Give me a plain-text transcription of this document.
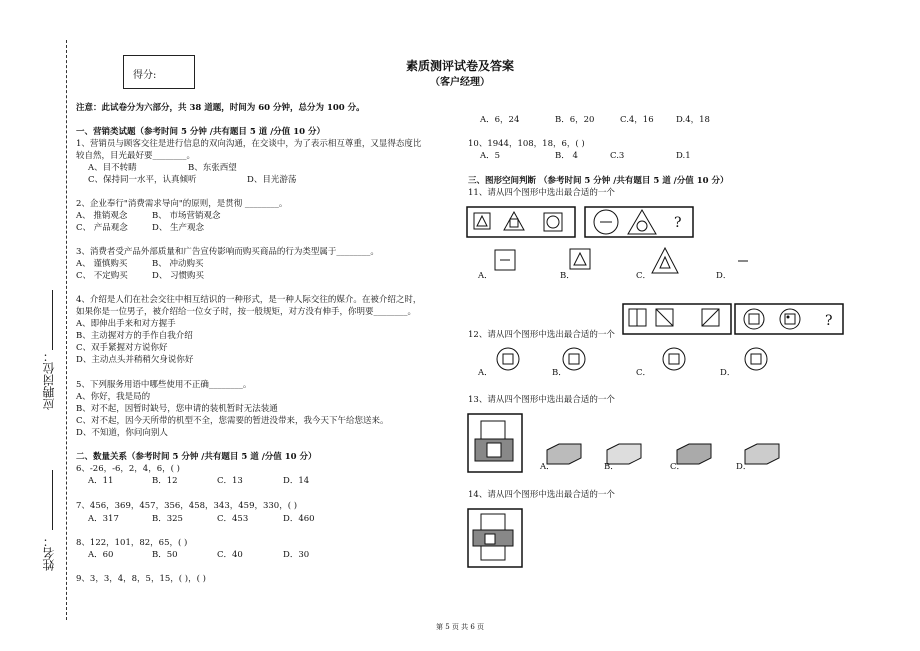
应聘岗位：
姓名：
得分:
素质测评试卷及答案
（客户经理）
注意：此试卷分为六部分，共 38 道题，时间为 60 分钟，总分为 100 分。
一、营销类试题（参考时间 5 分钟 /共有题目 5 道 /分值 10 分）
1、营销员与顾客交往是进行信息的双向沟通，在交谈中，为了表示相互尊重，又显得态度比
较自然，目光最好要________。
A、目不转睛	B、东张西望
C、保持同一水平，认真倾听	D、目光游荡
2、企业奉行"消费需求导向"的原则，是贯彻 ________。
A、 推销观念	B、 市场营销观念
C、 产品观念	D、 生产观念
3、消费者受产品外部质量和广告宣传影响而购买商品的行为类型属于________。
A、 谨慎购买	B、 冲动购买
C、 不定购买	D、 习惯购买
4、介绍是人们在社会交往中相互结识的一种形式，是一种人际交往的媒介。在被介绍之时，
如果你是一位男子，被介绍给一位女子时，按一般规矩，对方没有伸手，你明要________。
A、即伸出手来和对方握手
B、主动握对方的手作自我介绍
C、双手紧握对方说你好
D、主动点头并稍稍欠身说你好
5、下列服务用语中哪些使用不正确________。
A、你好，我是局的
B、对不起，因暂时缺号，您申请的装机暂时无法装通
C、对不起，因今天所带的机型不全，您需要的暂进没带来，我今天下午给您送来。
D、不知道，你问向别人
二、数量关系（参考时间 5 分钟 /共有题目 5 道 /分值 10 分）
6、-26，-6，2，4，6，( )
A．11	B．12	C．13	D．14
7、456，369，457，356，458，343，459，330，( )
A．317	B．325	C．453	D．460
8、122，101，82，65，( )
A．60	B．50	C．40	D．30
9、3，3，4，8，5，15，( )，( )
A．6，24	B．6，20	C.4，16	D.4，18
10、1944，108，18，6，( )
A．5	B． 4	C.3	D.1
三、图形空间判断 （参考时间 5 分钟 /共有题目 5 道 /分值 10 分）
11、请从四个图形中选出最合适的一个
?
A．	B．	C．	D．
?
12、请从四个图形中选出最合适的一个
A．	B．	C．	D．
13、请从四个图形中选出最合适的一个
A．	B．	C．	D．
14、请从四个图形中选出最合适的一个
第 5 页 共 6 页
